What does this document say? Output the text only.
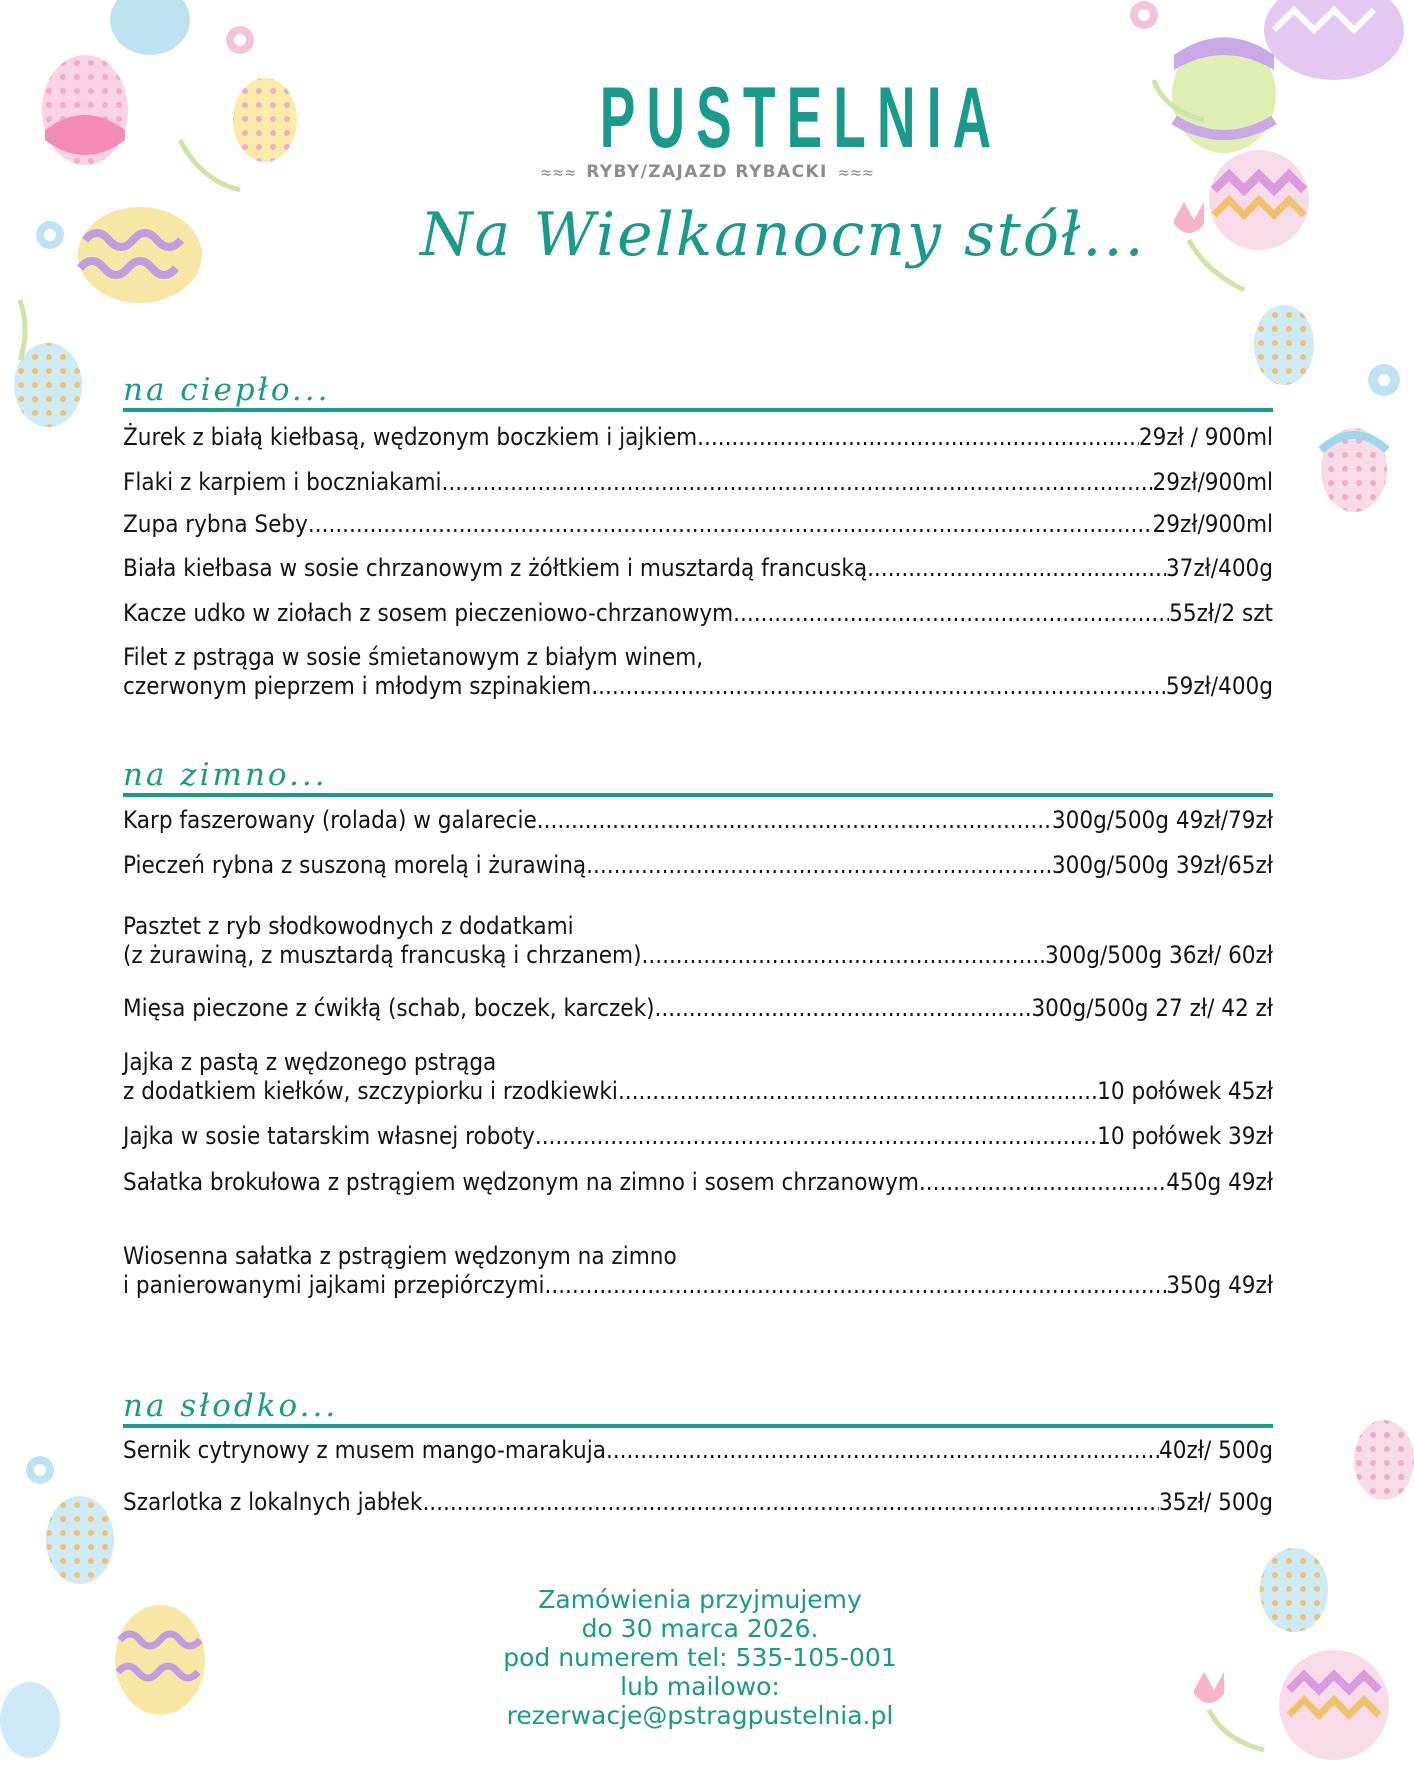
PUSTELNIA
≈≈≈ RYBY/ZAJAZD RYBACKI ≈≈≈
Na Wielkanocny stół...
na ciepło...
Żurek z białą kiełbasą, wędzonym boczkiem i jajkiem .....	29zł / 900ml
Flaki z karpiem i boczniakami .....	29zł/900ml
Zupa rybna Seby .....	29zł/900ml
Biała kiełbasa w sosie chrzanowym z żółtkiem i musztardą francuską .....	37zł/400g
Kacze udko w ziołach z sosem pieczeniowo-chrzanowym .....	55zł/2 szt
Filet z pstrąga w sosie śmietanowym z białym winem,
czerwonym pieprzem i młodym szpinakiem .....	59zł/400g
na zimno...
Karp faszerowany (rolada) w galarecie .....	300g/500g 49zł/79zł
Pieczeń rybna z suszoną morelą i żurawiną .....	300g/500g 39zł/65zł
Pasztet z ryb słodkowodnych z dodatkami
(z żurawiną, z musztardą francuską i chrzanem) .....	300g/500g 36zł/ 60zł
Mięsa pieczone z ćwikłą (schab, boczek, karczek) .....	300g/500g 27 zł/ 42 zł
Jajka z pastą z wędzonego pstrąga
z dodatkiem kiełków, szczypiorku i rzodkiewki .....	10 połówek 45zł
Jajka w sosie tatarskim własnej roboty .....	10 połówek 39zł
Sałatka brokułowa z pstrągiem wędzonym na zimno i sosem chrzanowym .....	450g 49zł
Wiosenna sałatka z pstrągiem wędzonym na zimno
i panierowanymi jajkami przepiórczymi .....	350g 49zł
na słodko...
Sernik cytrynowy z musem mango-marakuja .....	40zł/ 500g
Szarlotka z lokalnych jabłek .....	35zł/ 500g
Zamówienia przyjmujemy
do 30 marca 2026.
pod numerem tel: 535-105-001
lub mailowo:
rezerwacje@pstragpustelnia.pl
